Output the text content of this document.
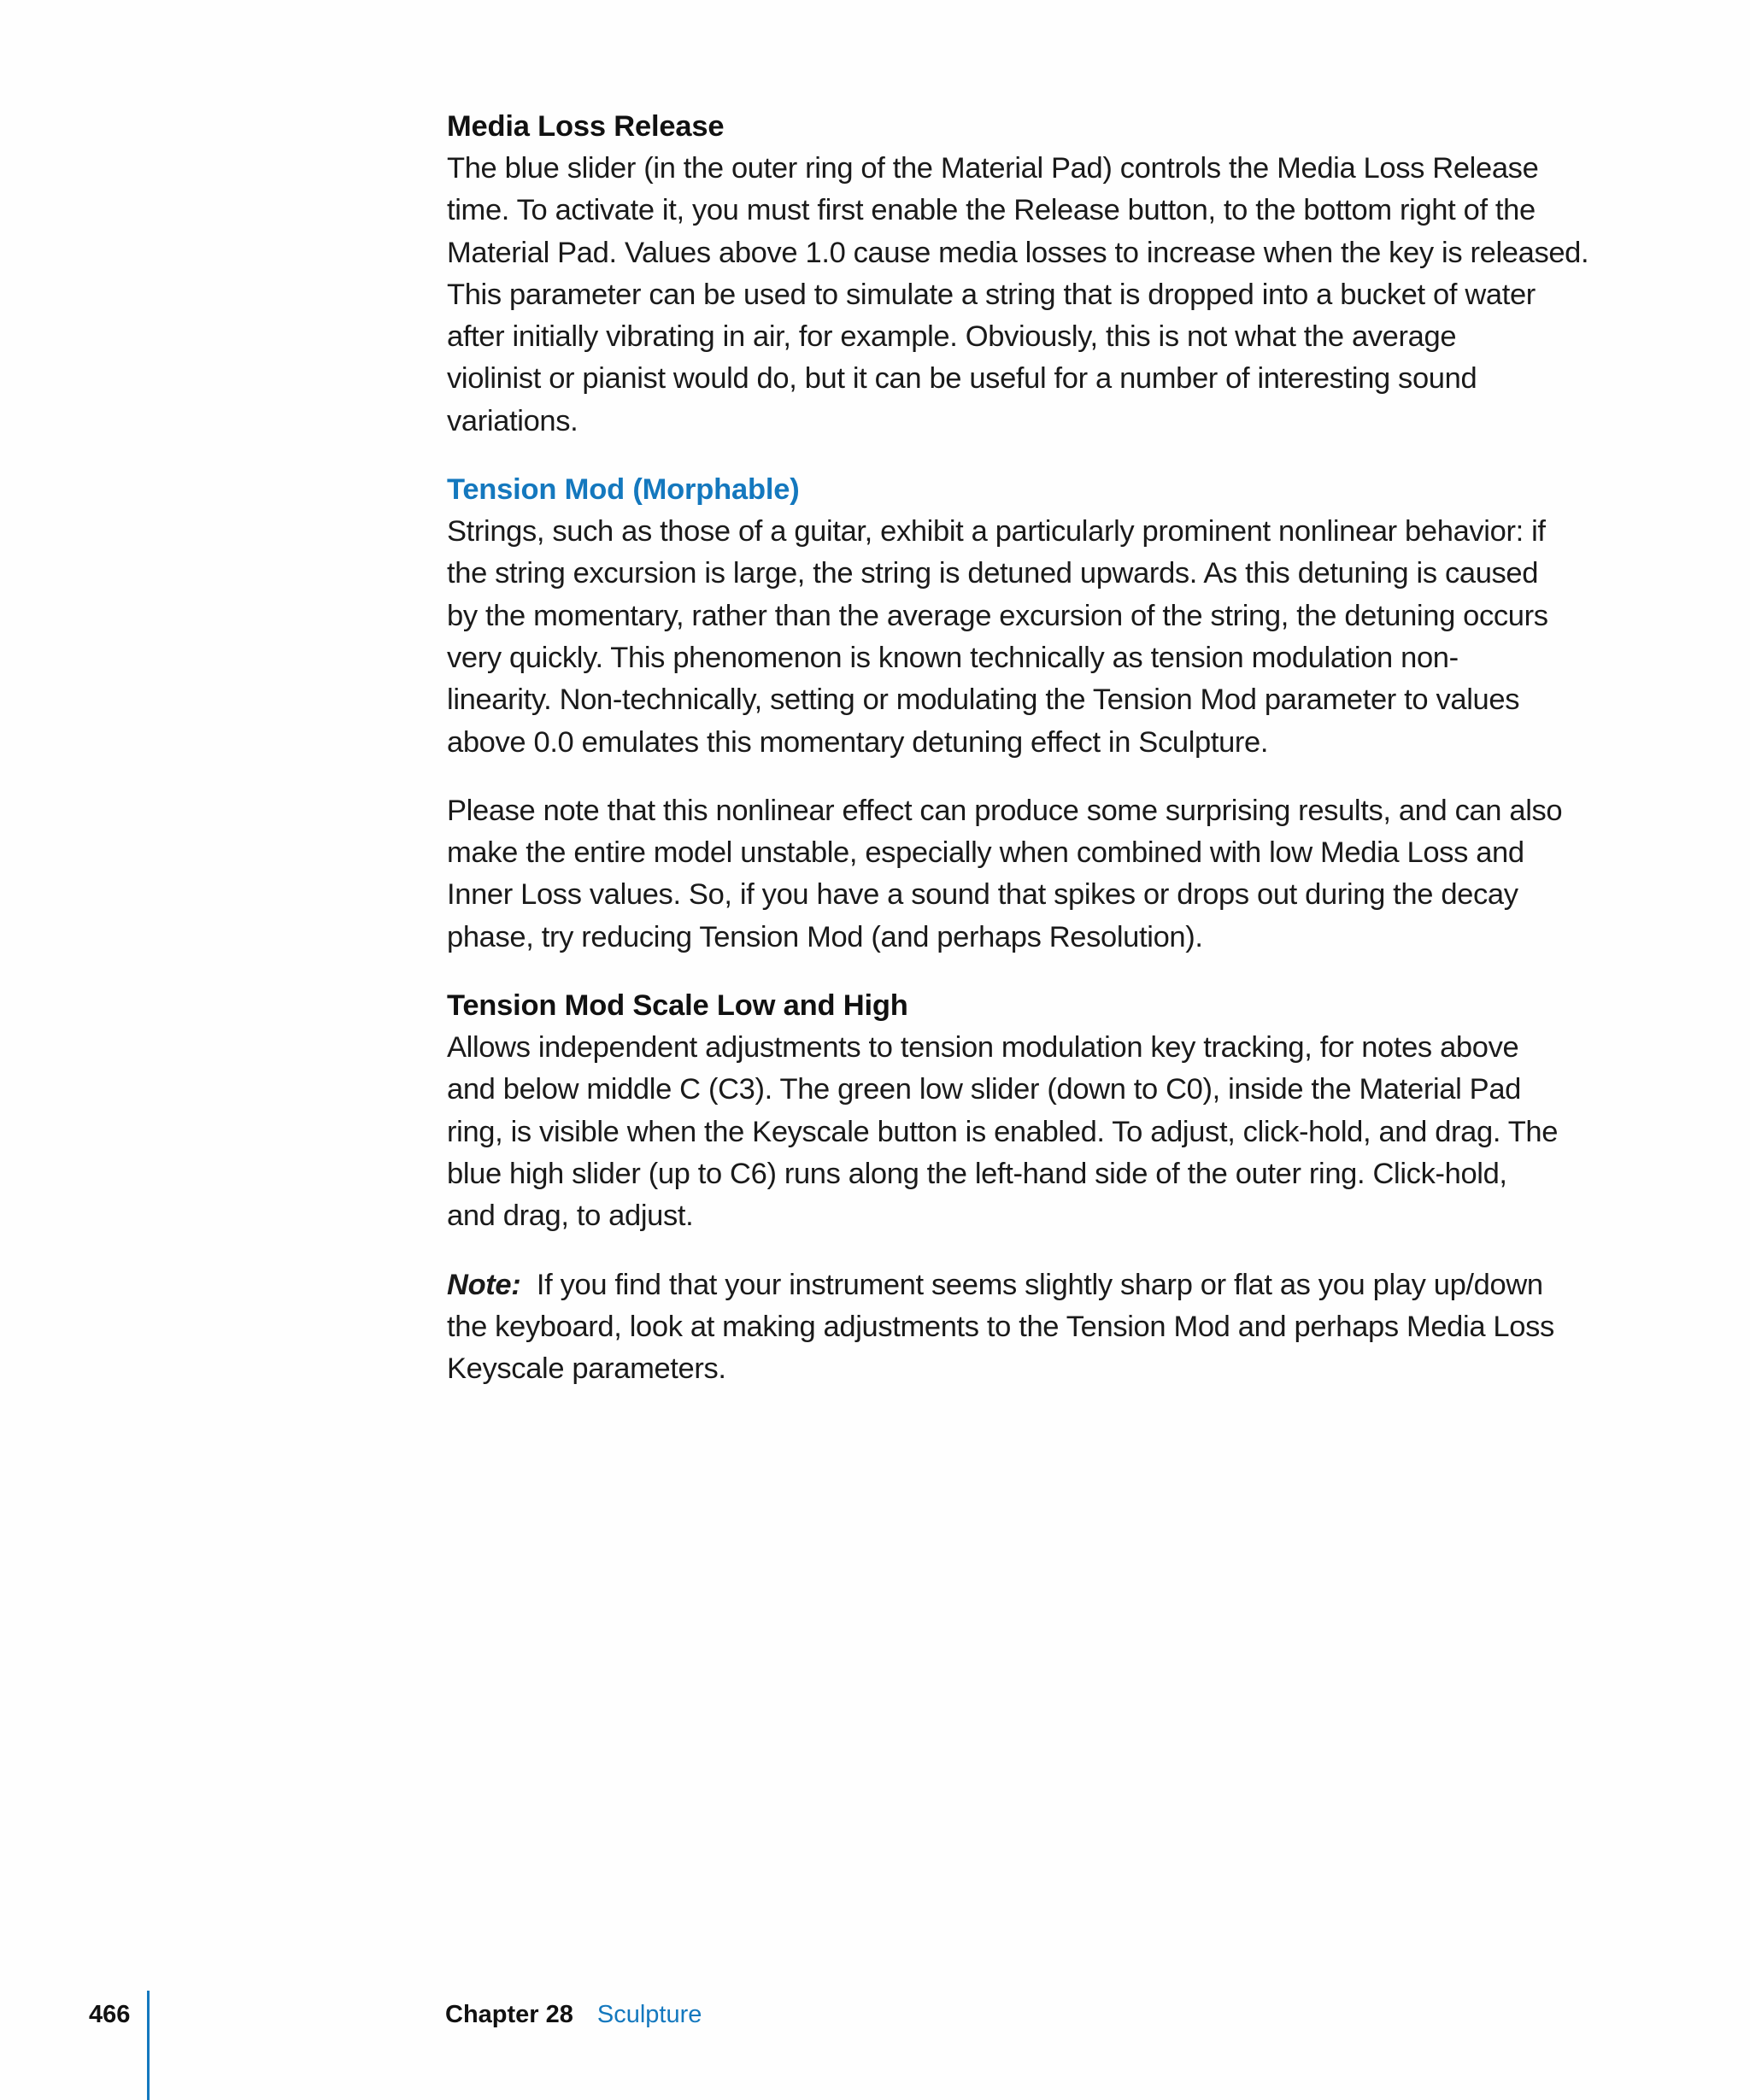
Media Loss Release

The blue slider (in the outer ring of the Material Pad) controls the Media Loss Release
time. To activate it, you must first enable the Release button, to the bottom right of the
Material Pad. Values above 1.0 cause media losses to increase when the key is released.
This parameter can be used to simulate a string that is dropped into a bucket of water
after initially vibrating in air, for example. Obviously, this is not what the average
violinist or pianist would do, but it can be useful for a number of interesting sound
variations.

Tension Mod (Morphable)

Strings, such as those of a guitar, exhibit a particularly prominent nonlinear behavior: if
the string excursion is large, the string is detuned upwards. As this detuning is caused
by the momentary, rather than the average excursion of the string, the detuning occurs
very quickly. This phenomenon is known technically as tension modulation non-
linearity. Non-technically, setting or modulating the Tension Mod parameter to values
above 0.0 emulates this momentary detuning effect in Sculpture.

Please note that this nonlinear effect can produce some surprising results, and can also
make the entire model unstable, especially when combined with low Media Loss and
Inner Loss values. So, if you have a sound that spikes or drops out during the decay
phase, try reducing Tension Mod (and perhaps Resolution).

Tension Mod Scale Low and High

Allows independent adjustments to tension modulation key tracking, for notes above
and below middle C (C3). The green low slider (down to C0), inside the Material Pad
ring, is visible when the Keyscale button is enabled. To adjust, click-hold, and drag. The
blue high slider (up to C6) runs along the left-hand side of the outer ring. Click-hold,
and drag, to adjust.

Note: If you find that your instrument seems slightly sharp or flat as you play up/down
the keyboard, look at making adjustments to the Tension Mod and perhaps Media Loss
Keyscale parameters.

466	Chapter 28 Sculpture
